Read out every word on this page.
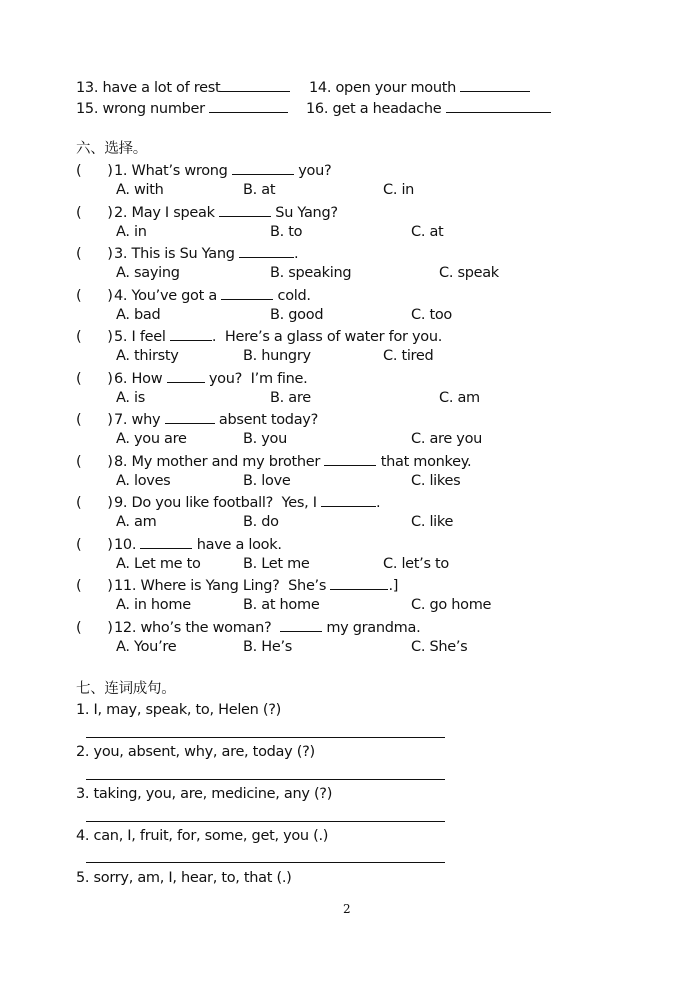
13. have a lot of rest	14. open your mouth
15. wrong number	16. get a headache
六、选择。
(      )1. What’s wrong	you?
A. with	B. at	C. in
(      )2. May I speak	Su Yang?
A. in	B. to	C. at
(      )3. This is Su Yang	.
A. saying	B. speaking	C. speak
(      )4. You’ve got a	cold.
A. bad	B. good	C. too
(      )5. I feel	.  Here’s a glass of water for you.
A. thirsty	B. hungry	C. tired
(      )6. How	you?  I’m fine.
A. is	B. are	C. am
(      )7. why	absent today?
A. you are	B. you	C. are you
(      )8. My mother and my brother	that monkey.
A. loves	B. love	C. likes
(      )9. Do you like football?  Yes, I	.
A. am	B. do	C. like
(      )10.	have a look.
A. Let me to	B. Let me	C. let’s to
(      )11. Where is Yang Ling?  She’s	.]
A. in home	B. at home	C. go home
(      )12. who’s the woman?	my grandma.
A. You’re	B. He’s	C. She’s
七、连词成句。
1. I, may, speak, to, Helen (?)
2. you, absent, why, are, today (?)
3. taking, you, are, medicine, any (?)
4. can, I, fruit, for, some, get, you (.)
5. sorry, am, I, hear, to, that (.)
2
